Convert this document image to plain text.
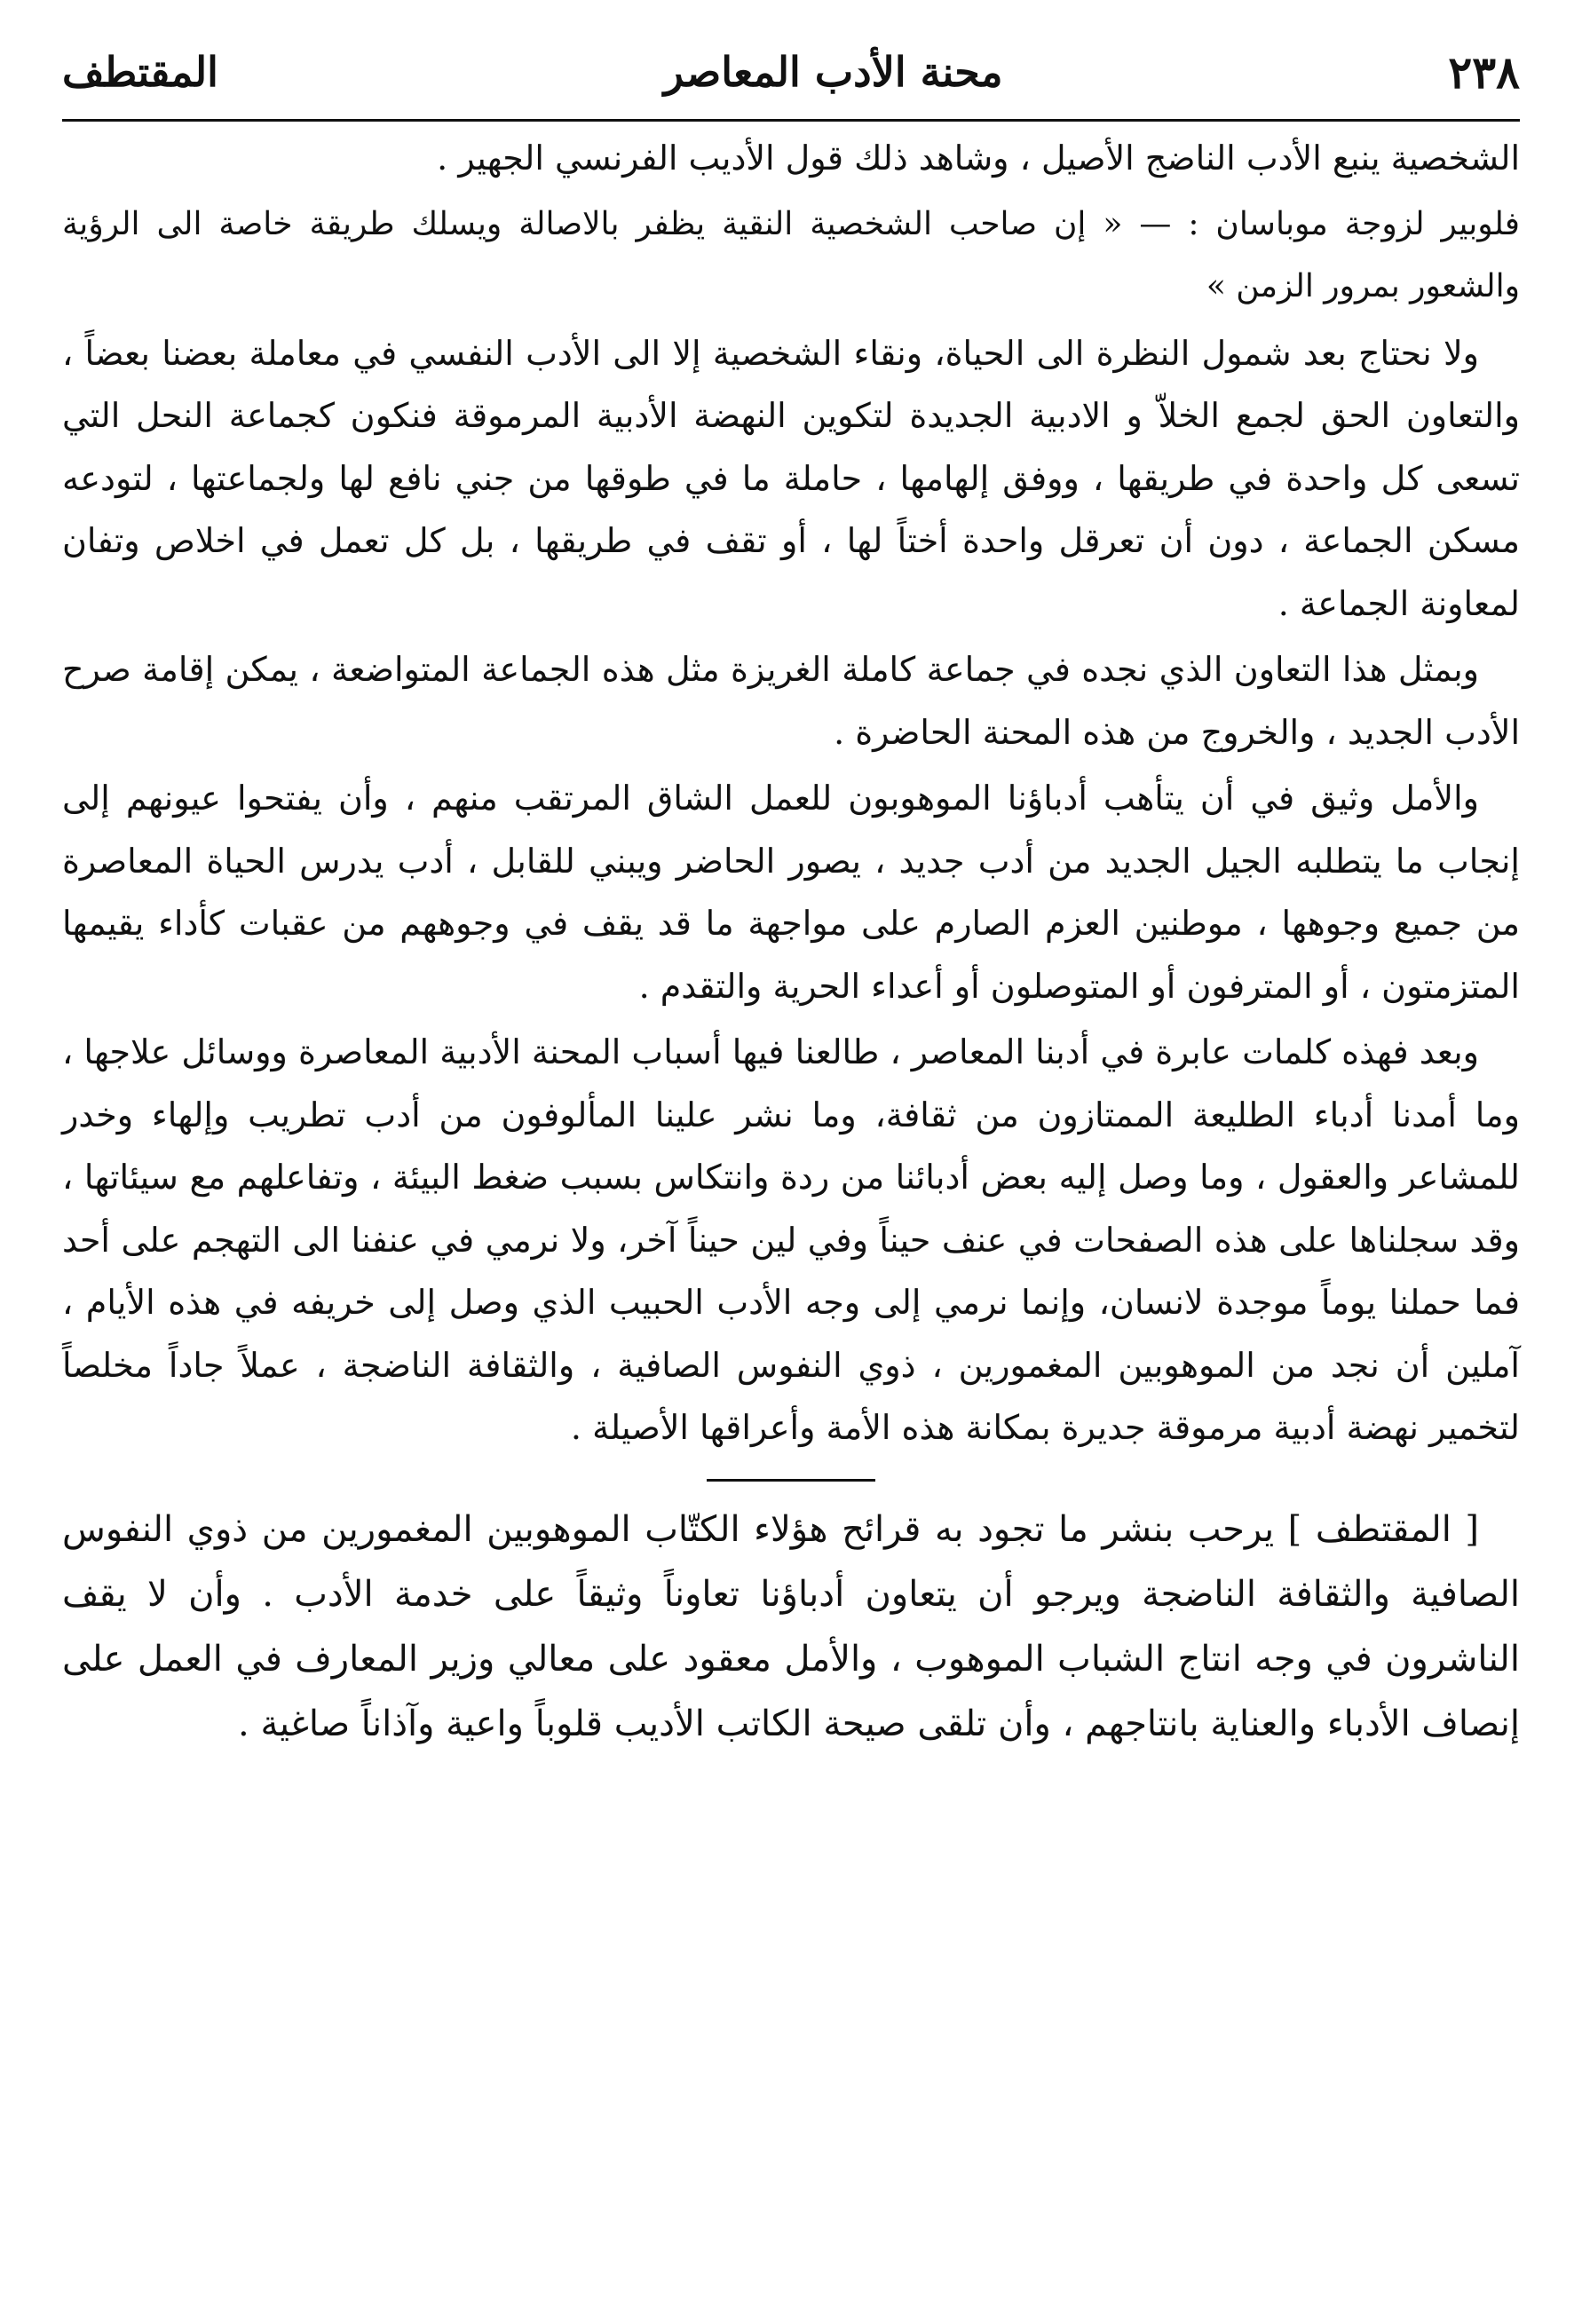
٢٣٨
محنة الأدب المعاصر
المقتطف

الشخصية ينبع الأدب الناضج الأصيل ، وشاهد ذلك قول الأديب الفرنسي الجهير .

فلوبير لزوجة موباسان : — « إن صاحب الشخصية النقية يظفر بالاصالة ويسلك طريقة خاصة الى الرؤية والشعور بمرور الزمن »

ولا نحتاج بعد شمول النظرة الى الحياة، ونقاء الشخصية إلا الى الأدب النفسي في معاملة بعضنا بعضاً ، والتعاون الحق لجمع الخلاّ و الادبية الجديدة لتكوين النهضة الأدبية المرموقة فنكون كجماعة النحل التي تسعى كل واحدة في طريقها ، ووفق إلهامها ، حاملة ما في طوقها من جني نافع لها ولجماعتها ، لتودعه مسكن الجماعة ، دون أن تعرقل واحدة أختاً لها ، أو تقف في طريقها ، بل كل تعمل في اخلاص وتفان لمعاونة الجماعة .

وبمثل هذا التعاون الذي نجده في جماعة كاملة الغريزة مثل هذه الجماعة المتواضعة ، يمكن إقامة صرح الأدب الجديد ، والخروج من هذه المحنة الحاضرة .

والأمل وثيق في أن يتأهب أدباؤنا الموهوبون للعمل الشاق المرتقب منهم ، وأن يفتحوا عيونهم إلى إنجاب ما يتطلبه الجيل الجديد من أدب جديد ، يصور الحاضر ويبني للقابل ، أدب يدرس الحياة المعاصرة من جميع وجوهها ، موطنين العزم الصارم على مواجهة ما قد يقف في وجوههم من عقبات كأداء يقيمها المتزمتون ، أو المترفون أو المتوصلون أو أعداء الحرية والتقدم .

وبعد فهذه كلمات عابرة في أدبنا المعاصر ، طالعنا فيها أسباب المحنة الأدبية المعاصرة ووسائل علاجها ، وما أمدنا أدباء الطليعة الممتازون من ثقافة، وما نشر علينا المألوفون من أدب تطريب وإلهاء وخدر للمشاعر والعقول ، وما وصل إليه بعض أدبائنا من ردة وانتكاس بسبب ضغط البيئة ، وتفاعلهم مع سيئاتها ، وقد سجلناها على هذه الصفحات في عنف حيناً وفي لين حيناً آخر، ولا نرمي في عنفنا الى التهجم على أحد فما حملنا يوماً موجدة لانسان، وإنما نرمي إلى وجه الأدب الحبيب الذي وصل إلى خريفه في هذه الأيام ، آملين أن نجد من الموهوبين المغمورين ، ذوي النفوس الصافية ، والثقافة الناضجة ، عملاً جاداً مخلصاً لتخمير نهضة أدبية مرموقة جديرة بمكانة هذه الأمة وأعراقها الأصيلة .

[ المقتطف ] يرحب بنشر ما تجود به قرائح هؤلاء الكتّاب الموهوبين المغمورين من ذوي النفوس الصافية والثقافة الناضجة ويرجو أن يتعاون أدباؤنا تعاوناً وثيقاً على خدمة الأدب . وأن لا يقف الناشرون في وجه انتاج الشباب الموهوب ، والأمل معقود على معالي وزير المعارف في العمل على إنصاف الأدباء والعناية بانتاجهم ، وأن تلقى صيحة الكاتب الأديب قلوباً واعية وآذاناً صاغية .
